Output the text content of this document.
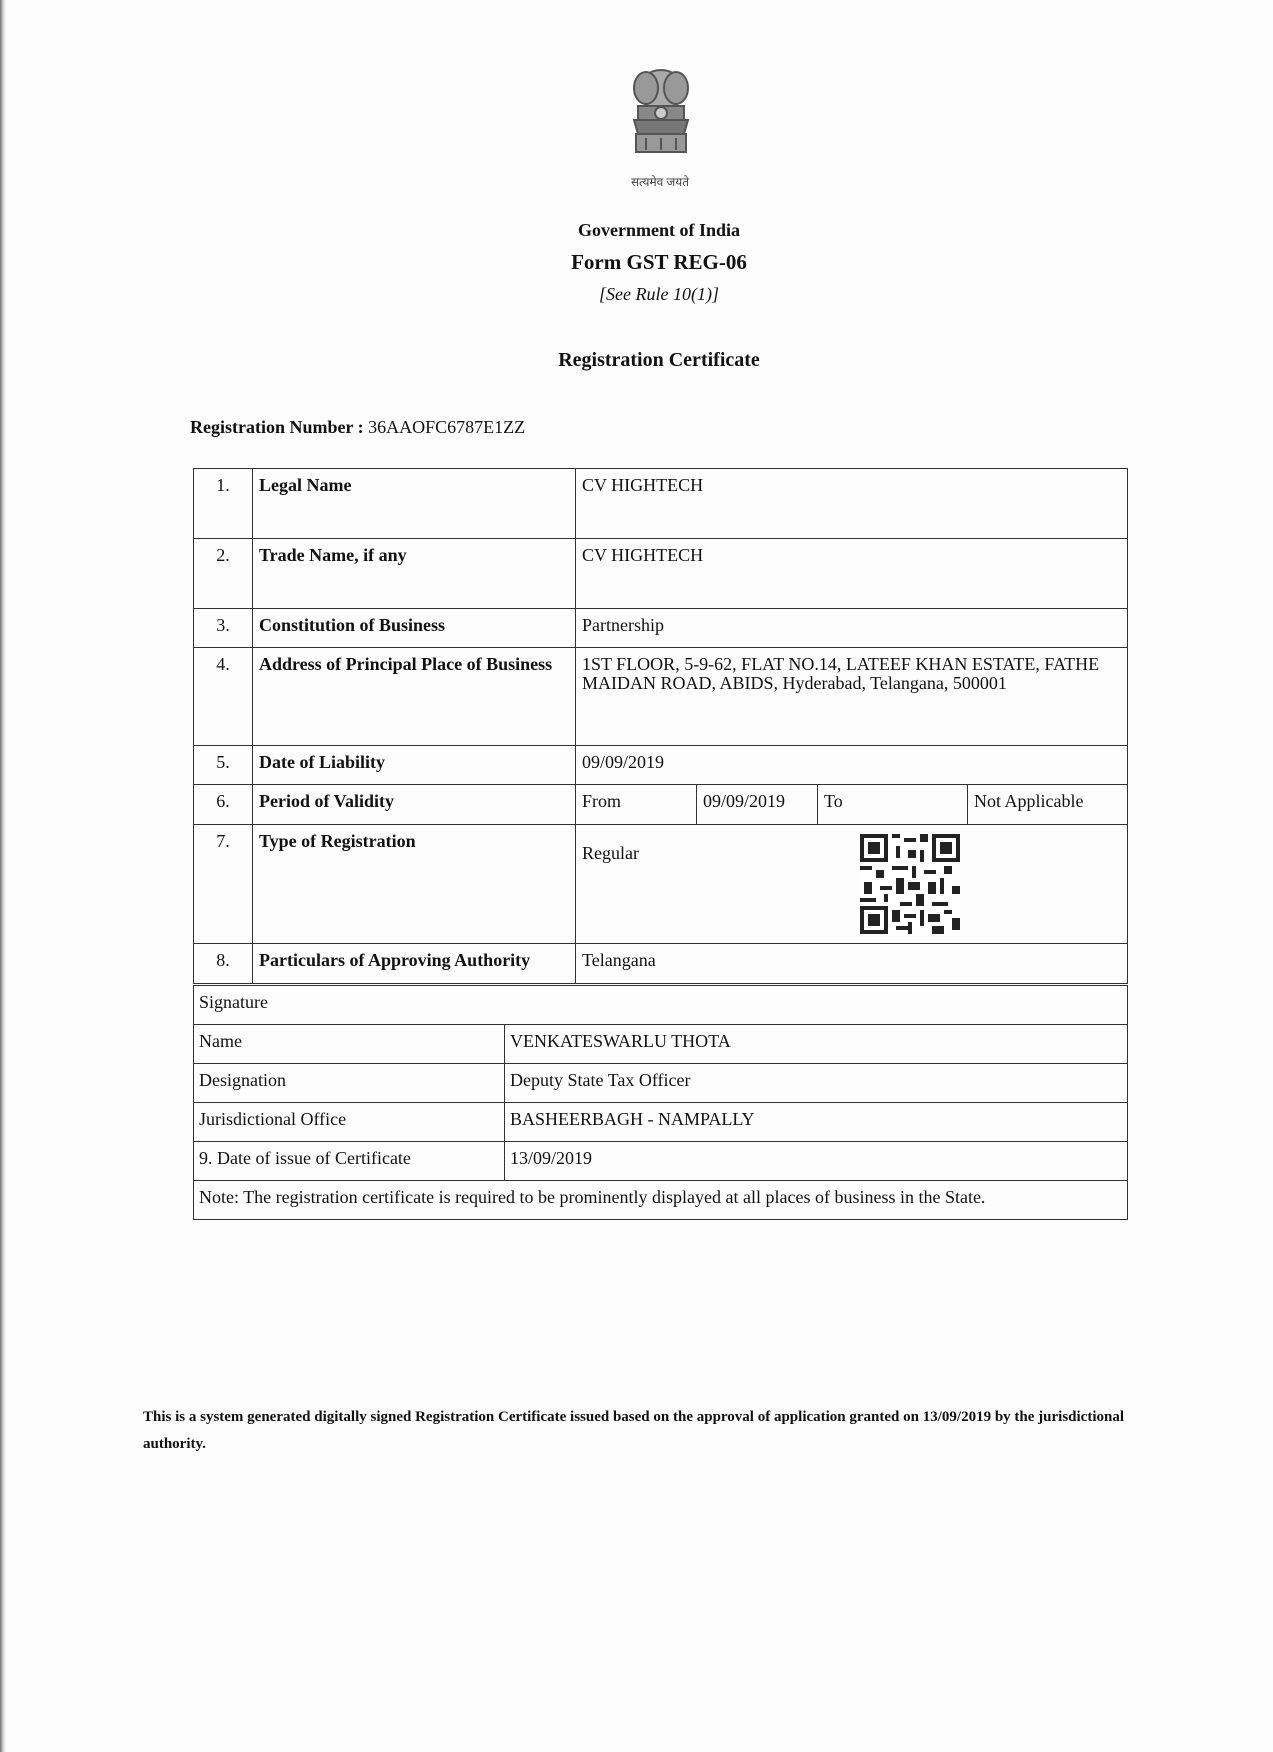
सत्यमेव जयते
Government of India
Form GST REG-06
[See Rule 10(1)]
Registration Certificate
Registration Number : 36AAOFC6787E1ZZ
1.	Legal Name	CV HIGHTECH
2.	Trade Name, if any	CV HIGHTECH
3.	Constitution of Business	Partnership
4.	Address of Principal Place of Business	1ST FLOOR, 5-9-62, FLAT NO.14, LATEEF KHAN ESTATE, FATHE MAIDAN ROAD, ABIDS, Hyderabad, Telangana, 500001
5.	Date of Liability	09/09/2019
6.	Period of Validity	From 09/09/2019 To Not Applicable

7.	Type of Registration	Regular

8.	Particulars of Approving Authority	Telangana
Signature	
Name	VENKATESWARLU THOTA
Designation	Deputy State Tax Officer
Jurisdictional Office	BASHEERBAGH - NAMPALLY
9. Date of issue of Certificate	13/09/2019
Note: The registration certificate is required to be prominently displayed at all places of business in the State.	
This is a system generated digitally signed Registration Certificate issued based on the approval of application granted on 13/09/2019 by the jurisdictional authority.
